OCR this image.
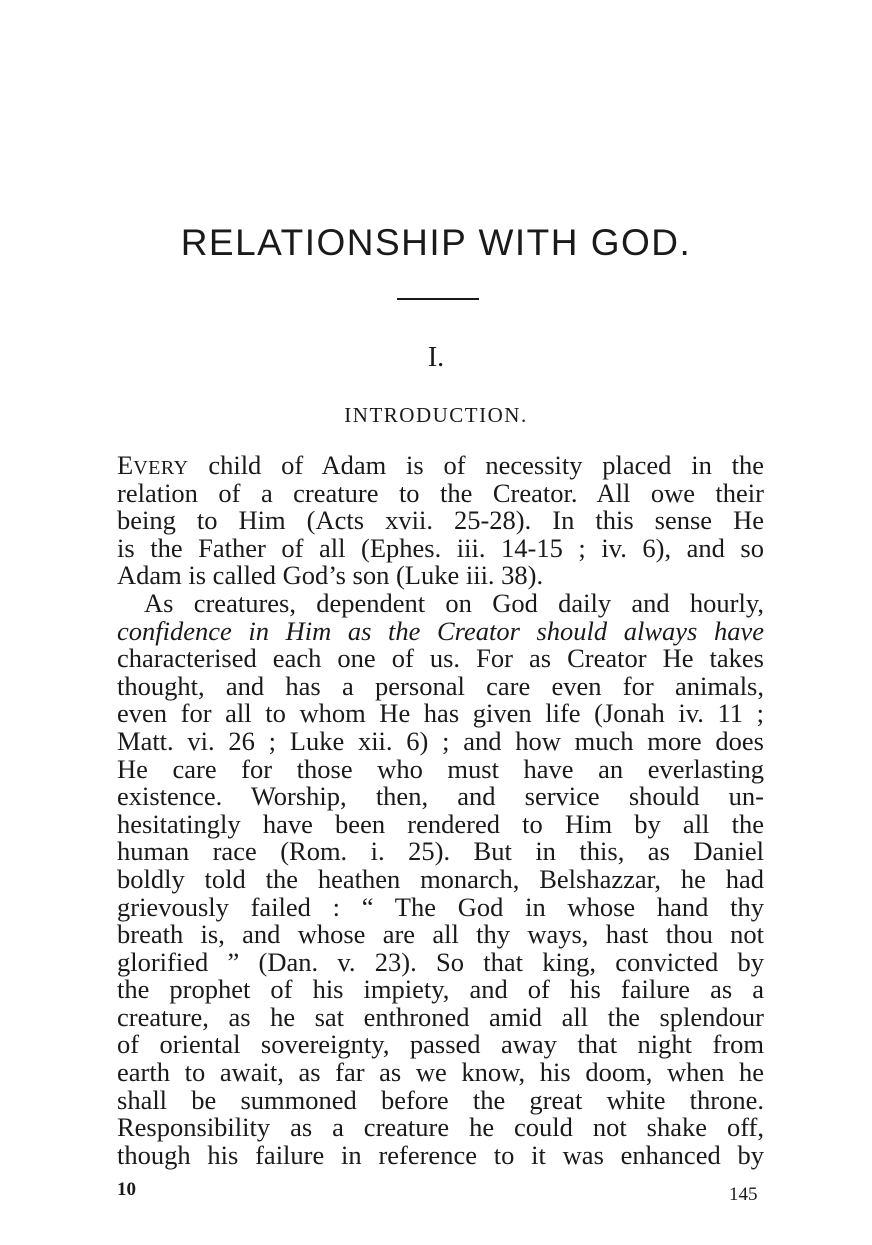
RELATIONSHIP WITH GOD.
I.
INTRODUCTION.
EVERY child of Adam is of necessity placed in the
relation of a creature to the Creator. All owe their
being to Him (Acts xvii. 25-28). In this sense He
is the Father of all (Ephes. iii. 14-15 ; iv. 6), and so
Adam is called God’s son (Luke iii. 38).
As creatures, dependent on God daily and hourly,
confidence in Him as the Creator should always have
characterised each one of us. For as Creator He takes
thought, and has a personal care even for animals,
even for all to whom He has given life (Jonah iv. 11 ;
Matt. vi. 26 ; Luke xii. 6) ; and how much more does
He care for those who must have an everlasting
existence. Worship, then, and service should un-
hesitatingly have been rendered to Him by all the
human race (Rom. i. 25). But in this, as Daniel
boldly told the heathen monarch, Belshazzar, he had
grievously failed : “ The God in whose hand thy
breath is, and whose are all thy ways, hast thou not
glorified ” (Dan. v. 23). So that king, convicted by
the prophet of his impiety, and of his failure as a
creature, as he sat enthroned amid all the splendour
of oriental sovereignty, passed away that night from
earth to await, as far as we know, his doom, when he
shall be summoned before the great white throne.
Responsibility as a creature he could not shake off,
though his failure in reference to it was enhanced by
10	145
